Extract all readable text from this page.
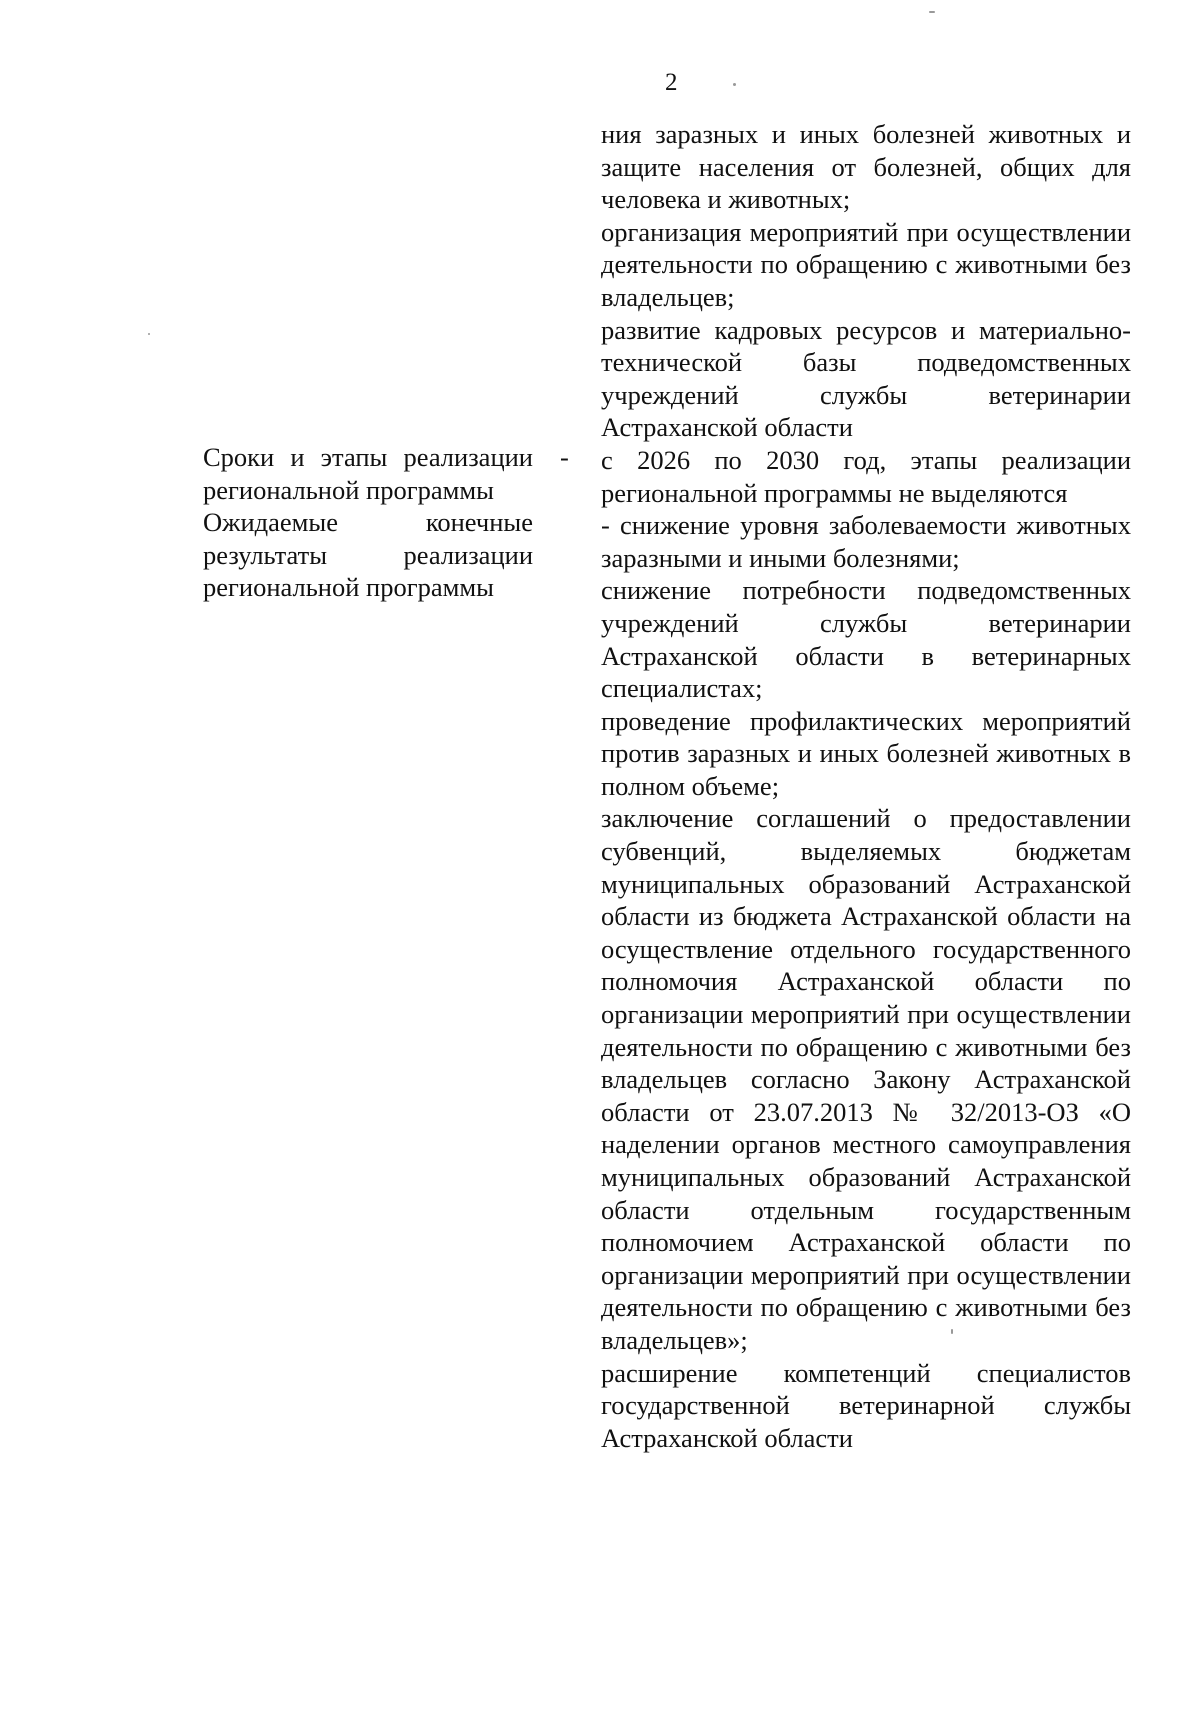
2

Сроки и этапы реализации региональной программы

Ожидаемые конечные результаты реализации региональной программы

-

ния заразных и иных болезней животных и защите населения от болезней, общих для человека и животных;

организация мероприятий при осуществлении деятельности по обращению с животными без владельцев;

развитие кадровых ресурсов и материально-технической базы подведомственных учреждений службы ветеринарии Астраханской области

с 2026 по 2030 год, этапы реализации региональной программы не выделяются

- снижение уровня заболеваемости животных заразными и иными болезнями;

снижение потребности подведомственных учреждений службы ветеринарии Астраханской области в ветеринарных специалистах;

проведение профилактических мероприятий против заразных и иных болезней животных в полном объеме;

заключение соглашений о предоставлении субвенций, выделяемых бюджетам муниципальных образований Астраханской области из бюджета Астраханской области на осуществление отдельного государственного полномочия Астраханской области по организации мероприятий при осуществлении деятельности по обращению с животными без владельцев согласно Закону Астраханской области от 23.07.2013 № 32/2013-ОЗ «О наделении органов местного самоуправления муниципальных образований Астраханской области отдельным государственным полномочием Астраханской области по организации мероприятий при осуществлении деятельности по обращению с животными без владельцев»;

расширение компетенций специалистов государственной ветеринарной службы Астраханской области
